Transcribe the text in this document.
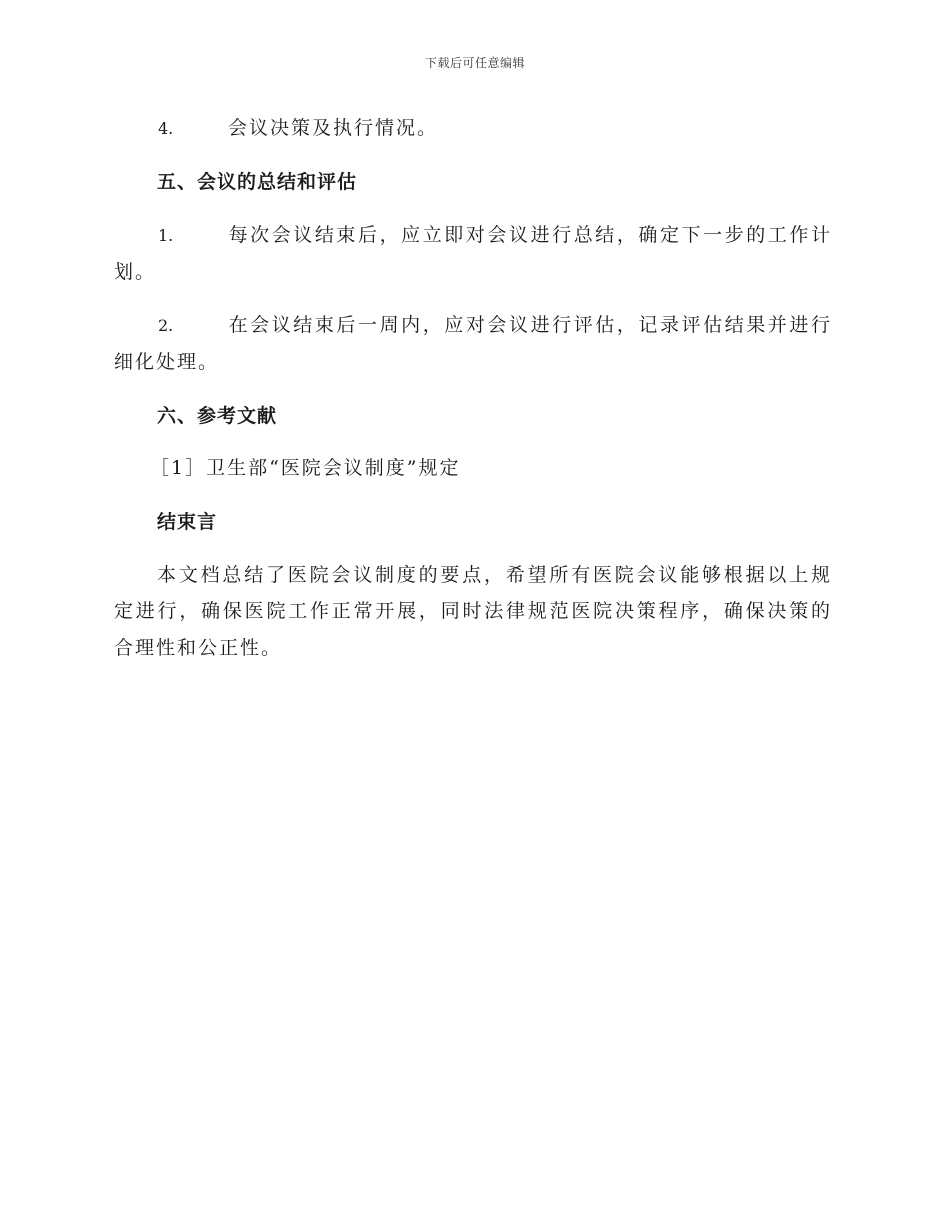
下载后可任意编辑
4.	会议决策及执行情况。
五、会议的总结和评估
1.	每次会议结束后，应立即对会议进行总结，确定下一步的工作计
划。
2.	在会议结束后一周内，应对会议进行评估，记录评估结果并进行
细化处理。
六、参考文献
［1］卫生部“医院会议制度”规定
结束言
本文档总结了医院会议制度的要点，希望所有医院会议能够根据以上规
定进行，确保医院工作正常开展，同时法律规范医院决策程序，确保决策的
合理性和公正性。
